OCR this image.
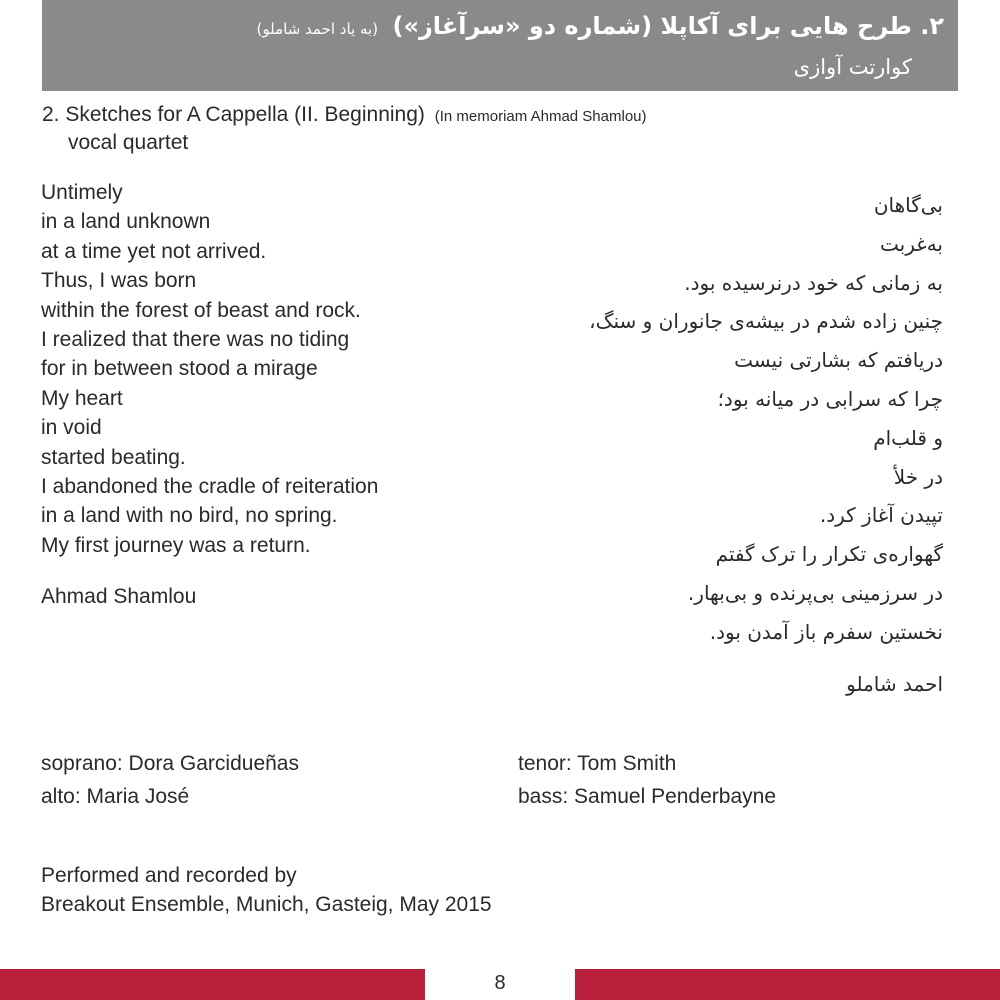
۲. طرح هایی برای آکاپلا (شماره دو «سرآغاز») (به یاد احمد شاملو)
کوارتت آوازی
2. Sketches for A Cappella (II. Beginning) (In memoriam Ahmad Shamlou)
vocal quartet
Untimely
in a land unknown
at a time yet not arrived.
Thus, I was born
within the forest of beast and rock.
I realized that there was no tiding
for in between stood a mirage
My heart
in void
started beating.
I abandoned the cradle of reiteration
in a land with no bird, no spring.
My first journey was a return.
Ahmad Shamlou
بی‌گاهان
به‌غربت
به زمانی که خود درنرسیده بود.
چنین زاده شدم در بیشه‌ی جانوران و سنگ،
دریافتم که بشارتی نیست
چرا که سرابی در میانه بود؛
و قلب‌ام
در خلأ
تپیدن آغاز کرد.
گهواره‌ی تکرار را ترک گفتم
در سرزمینی بی‌پرنده و بی‌بهار.
نخستین سفرم باز آمدن بود.
احمد شاملو
soprano: Dora Garcidueñas
alto: Maria José
tenor: Tom Smith
bass: Samuel Penderbayne
Performed and recorded by
Breakout Ensemble, Munich, Gasteig, May 2015
8
